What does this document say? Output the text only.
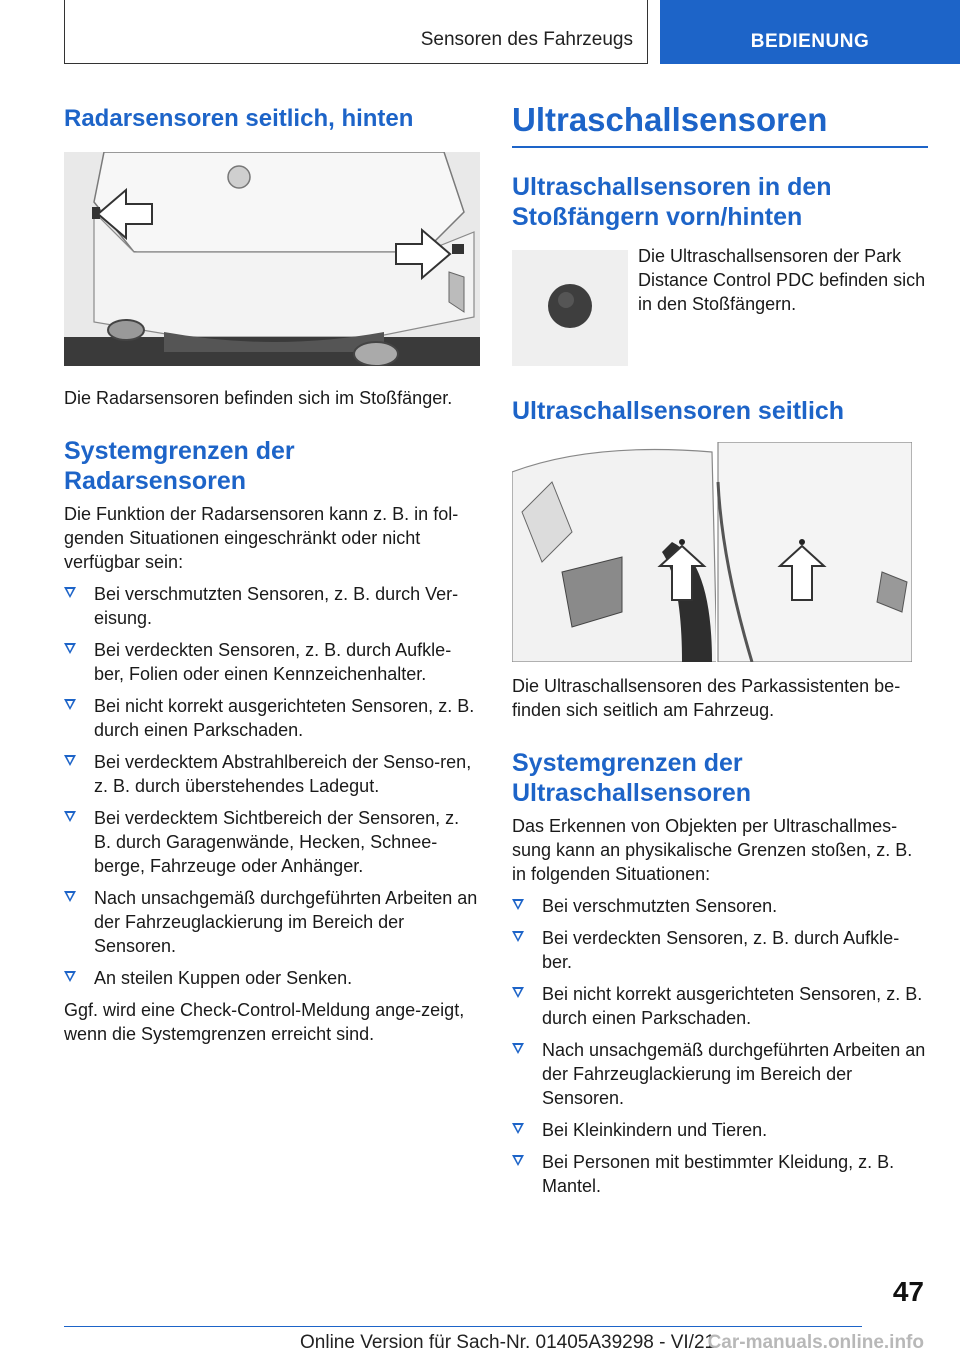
Sensoren des Fahrzeugs	BEDIENUNG
Radarsensoren seitlich, hinten

Die Radarsensoren befinden sich im Stoßfänger.

Systemgrenzen der Radarsensoren

Die Funktion der Radarsensoren kann z. B. in fol-genden Situationen eingeschränkt oder nicht verfügbar sein:

Bei verschmutzten Sensoren, z. B. durch Ver-eisung.
Bei verdeckten Sensoren, z. B. durch Aufkle-ber, Folien oder einen Kennzeichenhalter.
Bei nicht korrekt ausgerichteten Sensoren, z. B. durch einen Parkschaden.
Bei verdecktem Abstrahlbereich der Senso-ren, z. B. durch überstehendes Ladegut.
Bei verdecktem Sichtbereich der Sensoren, z. B. durch Garagenwände, Hecken, Schnee-berge, Fahrzeuge oder Anhänger.
Nach unsachgemäß durchgeführten Arbeiten an der Fahrzeuglackierung im Bereich der Sensoren.
An steilen Kuppen oder Senken.

Ggf. wird eine Check-Control-Meldung ange-zeigt, wenn die Systemgrenzen erreicht sind.

Ultraschallsensoren
Ultraschallsensoren in den Stoßfängern vorn/hinten

Die Ultraschallsensoren der Park Distance Control PDC befinden sich in den Stoßfängern.

Ultraschallsensoren seitlich

Die Ultraschallsensoren des Parkassistenten be-finden sich seitlich am Fahrzeug.

Systemgrenzen der Ultraschallsensoren

Das Erkennen von Objekten per Ultraschallmes-sung kann an physikalische Grenzen stoßen, z. B. in folgenden Situationen:

Bei verschmutzten Sensoren.
Bei verdeckten Sensoren, z. B. durch Aufkle-ber.
Bei nicht korrekt ausgerichteten Sensoren, z. B. durch einen Parkschaden.
Nach unsachgemäß durchgeführten Arbeiten an der Fahrzeuglackierung im Bereich der Sensoren.
Bei Kleinkindern und Tieren.
Bei Personen mit bestimmter Kleidung, z. B. Mantel.
47
Online Version für Sach-Nr. 01405A39298 - VI/21
Car-manuals.online.info
